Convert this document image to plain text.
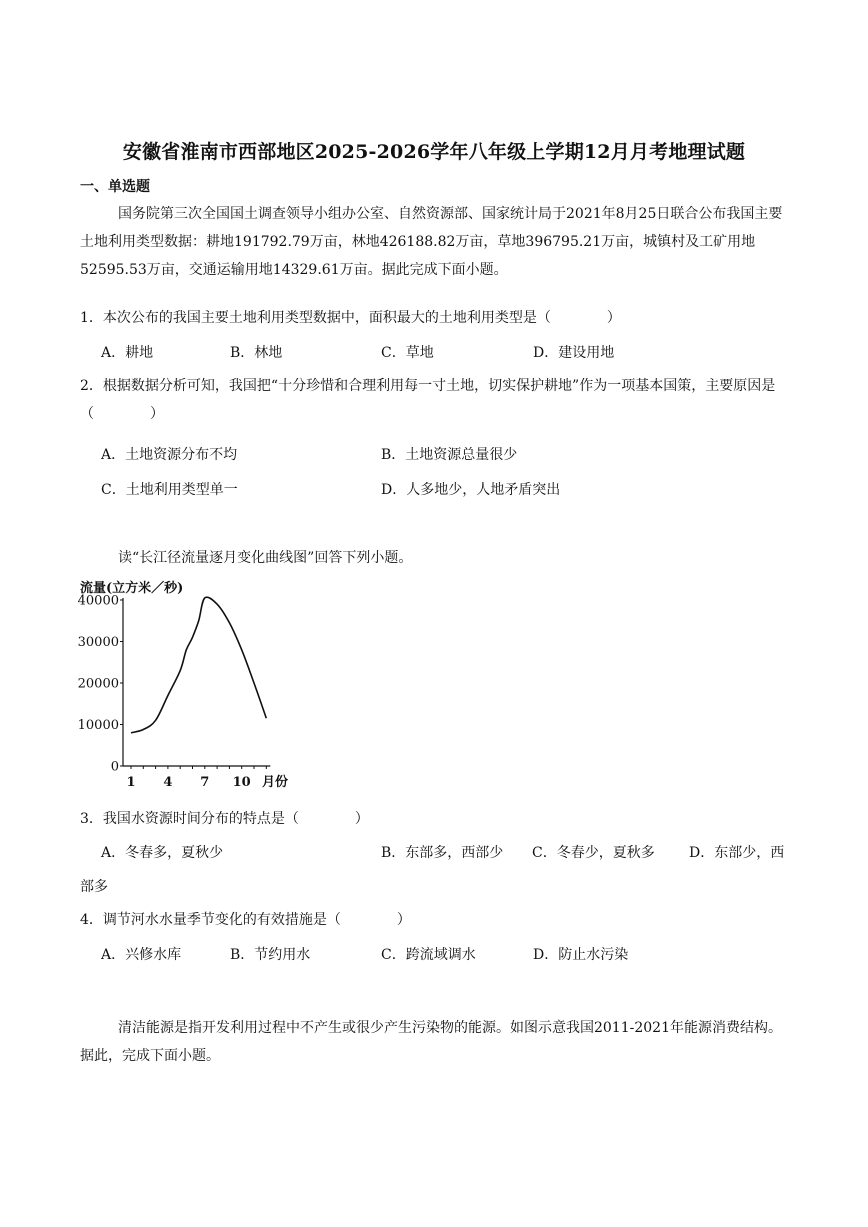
安徽省淮南市西部地区2025-2026学年八年级上学期12月月考地理试题
一、单选题
国务院第三次全国国土调查领导小组办公室、自然资源部、国家统计局于2021年8月25日联合公布我国主要土地利用类型数据：耕地191792.79万亩，林地426188.82万亩，草地396795.21万亩，城镇村及工矿用地52595.53万亩，交通运输用地14329.61万亩。据此完成下面小题。
1．本次公布的我国主要土地利用类型数据中，面积最大的土地利用类型是（　　　　）
A．耕地	B．林地	C．草地	D．建设用地
2．根据数据分析可知，我国把“十分珍惜和合理利用每一寸土地，切实保护耕地”作为一项基本国策，主要原因是（　　　　）
A．土地资源分布不均	B．土地资源总量很少
C．土地利用类型单一	D．人多地少，人地矛盾突出
读“长江径流量逐月变化曲线图”回答下列小题。
流量(立方米／秒)
0
10000
20000
30000
40000
1 4 7 10 月份
3．我国水资源时间分布的特点是（　　　　）
A．冬春多，夏秋少	B．东部多，西部少 C．冬春少，夏秋多 D．东部少，西
部多
4．调节河水水量季节变化的有效措施是（　　　　）
A．兴修水库	B．节约用水	C．跨流域调水	D．防止水污染
清洁能源是指开发利用过程中不产生或很少产生污染物的能源。如图示意我国2011-2021年能源消费结构。据此，完成下面小题。
